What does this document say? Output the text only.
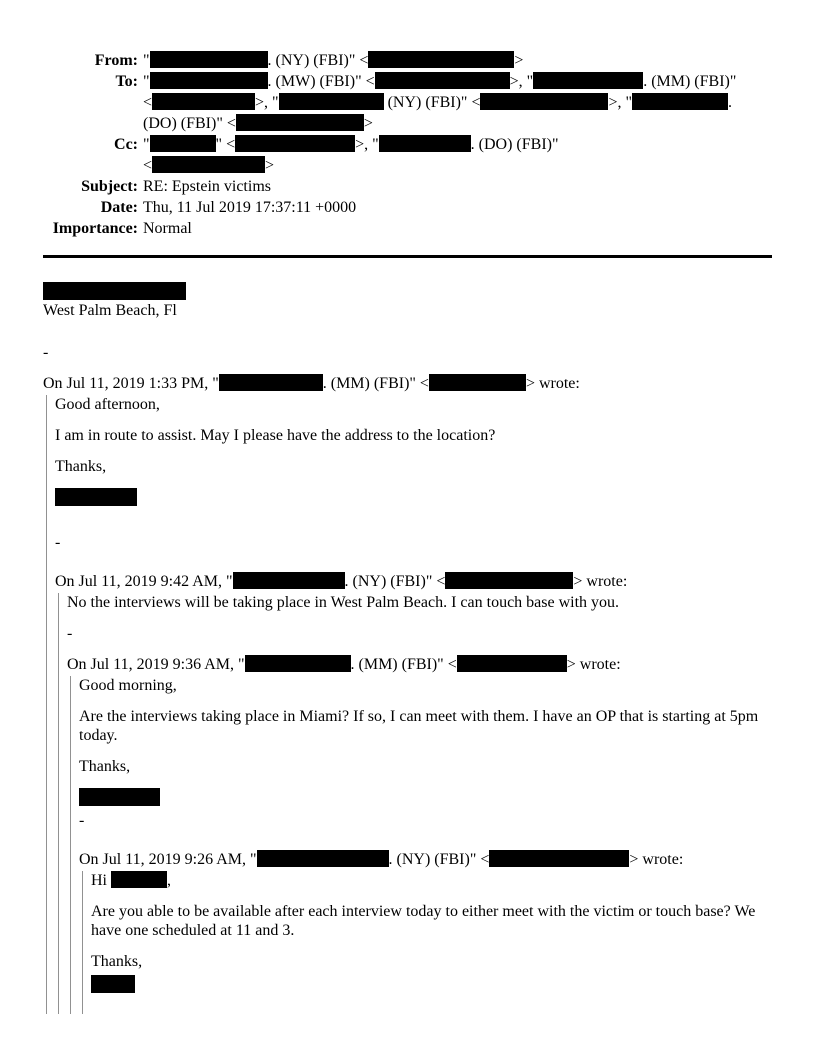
From:	" . (NY) (FBI)" < >
To:	" . (MW) (FBI)" < >, " . (MM) (FBI)"
	< >, " (NY) (FBI)" < >, " .
	(DO) (FBI)" < >
Cc:	" " < >, " . (DO) (FBI)"
	< >
Subject:	RE: Epstein victims
Date:	Thu, 11 Jul 2019 17:37:11 +0000
Importance:	Normal
West Palm Beach, Fl
-
On Jul 11, 2019 1:33 PM, "	. (MM) (FBI)" <	> wrote:
Good afternoon,
I am in route to assist. May I please have the address to the location?
Thanks,
-
On Jul 11, 2019 9:42 AM, "	. (NY) (FBI)" <	> wrote:
No the interviews will be taking place in West Palm Beach. I can touch base with you.
-
On Jul 11, 2019 9:36 AM, "	. (MM) (FBI)" <	> wrote:
Good morning,
Are the interviews taking place in Miami? If so, I can meet with them. I have an OP that is starting at 5pm
today.
Thanks,
-
On Jul 11, 2019 9:26 AM, "	. (NY) (FBI)" <	> wrote:
Hi	,
Are you able to be available after each interview today to either meet with the victim or touch base? We
have one scheduled at 11 and 3.
Thanks,
